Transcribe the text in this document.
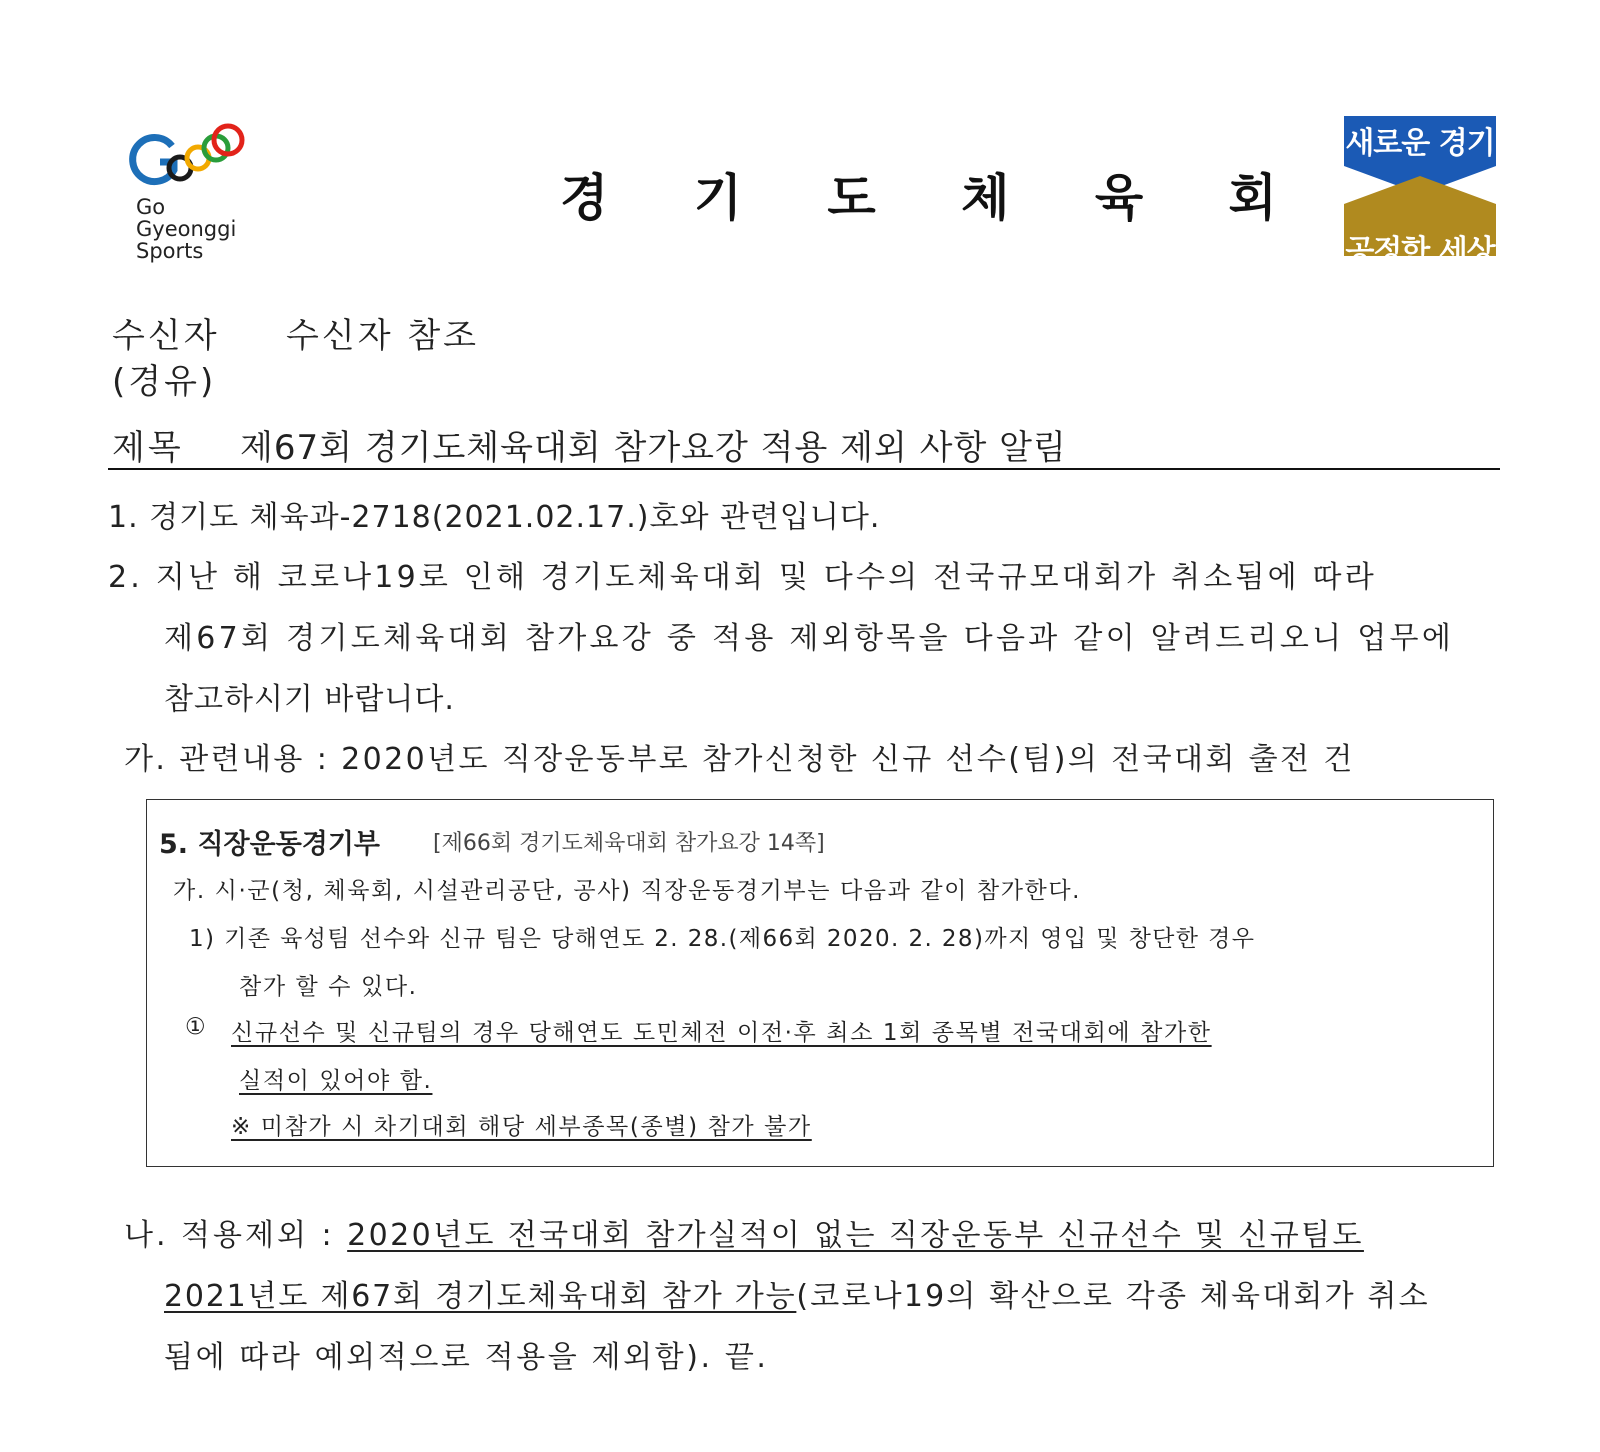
Go
Gyeonggi
Sports
경 기 도 체 육 회
새로운 경기
공정한 세상
수신자 수신자 참조
(경유)
제목 제67회 경기도체육대회 참가요강 적용 제외 사항 알림
1. 경기도 체육과-2718(2021.02.17.)호와 관련입니다.
2. 지난 해 코로나19로 인해 경기도체육대회 및 다수의 전국규모대회가 취소됨에 따라
제67회 경기도체육대회 참가요강 중 적용 제외항목을 다음과 같이 알려드리오니 업무에
참고하시기 바랍니다.
가. 관련내용 : 2020년도 직장운동부로 참가신청한 신규 선수(팀)의 전국대회 출전 건
5. 직장운동경기부 [제66회 경기도체육대회 참가요강 14쪽]
가. 시·군(청, 체육회, 시설관리공단, 공사) 직장운동경기부는 다음과 같이 참가한다.
1) 기존 육성팀 선수와 신규 팀은 당해연도 2. 28.(제66회 2020. 2. 28)까지 영입 및 창단한 경우
참가 할 수 있다.
① 신규선수 및 신규팀의 경우 당해연도 도민체전 이전·후 최소 1회 종목별 전국대회에 참가한
실적이 있어야 함.
※ 미참가 시 차기대회 해당 세부종목(종별) 참가 불가
나. 적용제외 : 2020년도 전국대회 참가실적이 없는 직장운동부 신규선수 및 신규팀도
2021년도 제67회 경기도체육대회 참가 가능(코로나19의 확산으로 각종 체육대회가 취소
됨에 따라 예외적으로 적용을 제외함). 끝.
